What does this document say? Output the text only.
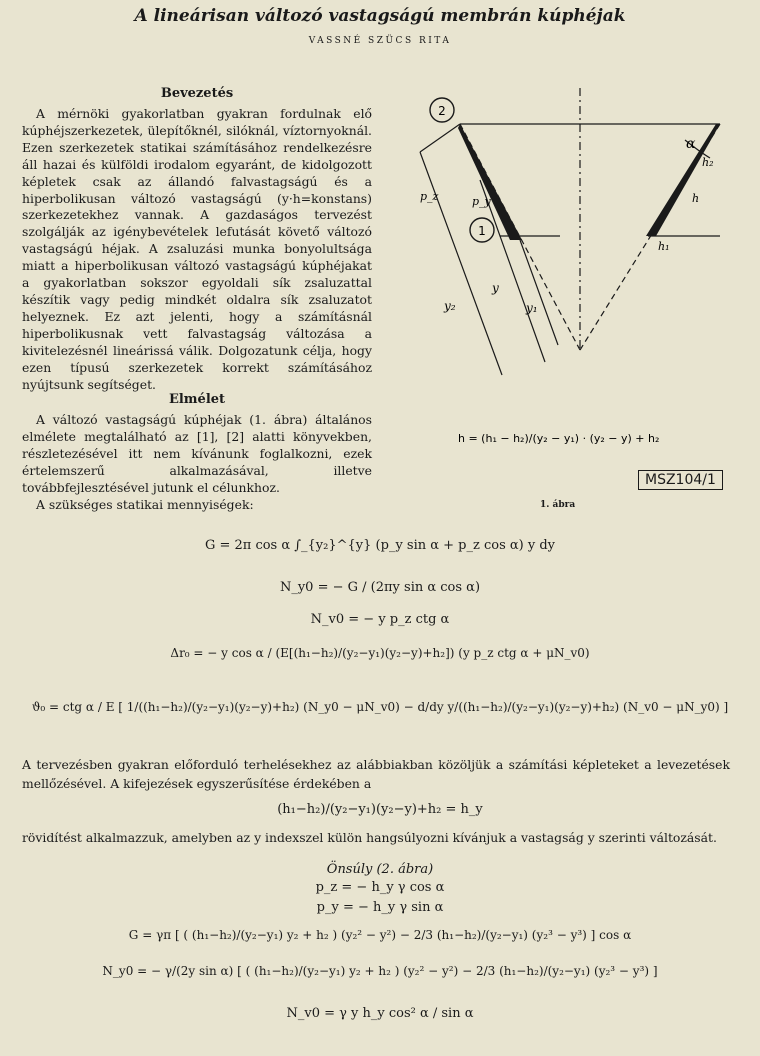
A lineárisan változó vastagságú membrán kúphéjak
VASSNÉ SZÜCS RITA
Bevezetés

A mérnöki gyakorlatban gyakran fordulnak elő kúphéjszerkezetek, ülepítőknél, silóknál, víztornyoknál. Ezen szerkezetek statikai számításához rendelkezésre áll hazai és külföldi irodalom egyaránt, de kidolgozott képletek csak az állandó falvastagságú és a hiperbolikusan változó vastagságú (y·h=konstans) szerkezetekhez vannak. A gazdaságos tervezést szolgálják az igénybevételek lefutását követő változó vastagságú héjak. A zsaluzási munka bonyolultsága miatt a hiperbolikusan változó vastagságú kúphéjakat a gyakorlatban sokszor egyoldali sík zsaluzattal készítik vagy pedig mindkét oldalra sík zsaluzatot helyeznek. Ez azt jelenti, hogy a számításnál hiperbolikusnak vett falvastagság változása a kivitelezésnél lineárissá válik. Dolgozatunk célja, hogy ezen típusú szerkezetek korrekt számításához nyújtsunk segítséget.

Elmélet

A változó vastagságú kúphéjak (1. ábra) általános elmélete megtalálható az [1], [2] alatti könyvekben, részletezésével itt nem kívánunk foglalkozni, ezek értelemszerű alkalmazásával, illetve továbbfejlesztésével jutunk el célunkhoz.

A szükséges statikai mennyiségek:

2
1
α
h₂
h
h₁
p_z	p_y
y₂
y
y₁
h = (h₁ − h₂)/(y₂ − y₁) · (y₂ − y) + h₂
MSZ104/1
1. ábra
G = 2π cos α ∫_{y₂}^{y} (p_y sin α + p_z cos α) y dy
N_y0 = − G / (2πy sin α cos α)
N_v0 = − y p_z ctg α
Δr₀ = − y cos α / (E[(h₁−h₂)/(y₂−y₁)(y₂−y)+h₂]) (y p_z ctg α + μN_v0)
ϑ₀ = ctg α / E [ 1/((h₁−h₂)/(y₂−y₁)(y₂−y)+h₂) (N_y0 − μN_v0) − d/dy y/((h₁−h₂)/(y₂−y₁)(y₂−y)+h₂) (N_v0 − μN_y0) ]

A tervezésben gyakran előforduló terhelésekhez az alábbiakban közöljük a számítási képleteket a levezetések mellőzésével. A kifejezések egyszerűsítése érdekében a

(h₁−h₂)/(y₂−y₁)(y₂−y)+h₂ = h_y

rövidítést alkalmazzuk, amelyben az y indexszel külön hangsúlyozni kívánjuk a vastagság y szerinti változását.

Önsúly (2. ábra)
p_z = − h_y γ cos α
p_y = − h_y γ sin α
G = γπ [ ( (h₁−h₂)/(y₂−y₁) y₂ + h₂ ) (y₂² − y²) − 2/3 (h₁−h₂)/(y₂−y₁) (y₂³ − y³) ] cos α
N_y0 = − γ/(2y sin α) [ ( (h₁−h₂)/(y₂−y₁) y₂ + h₂ ) (y₂² − y²) − 2/3 (h₁−h₂)/(y₂−y₁) (y₂³ − y³) ]
N_v0 = γ y h_y cos² α / sin α
